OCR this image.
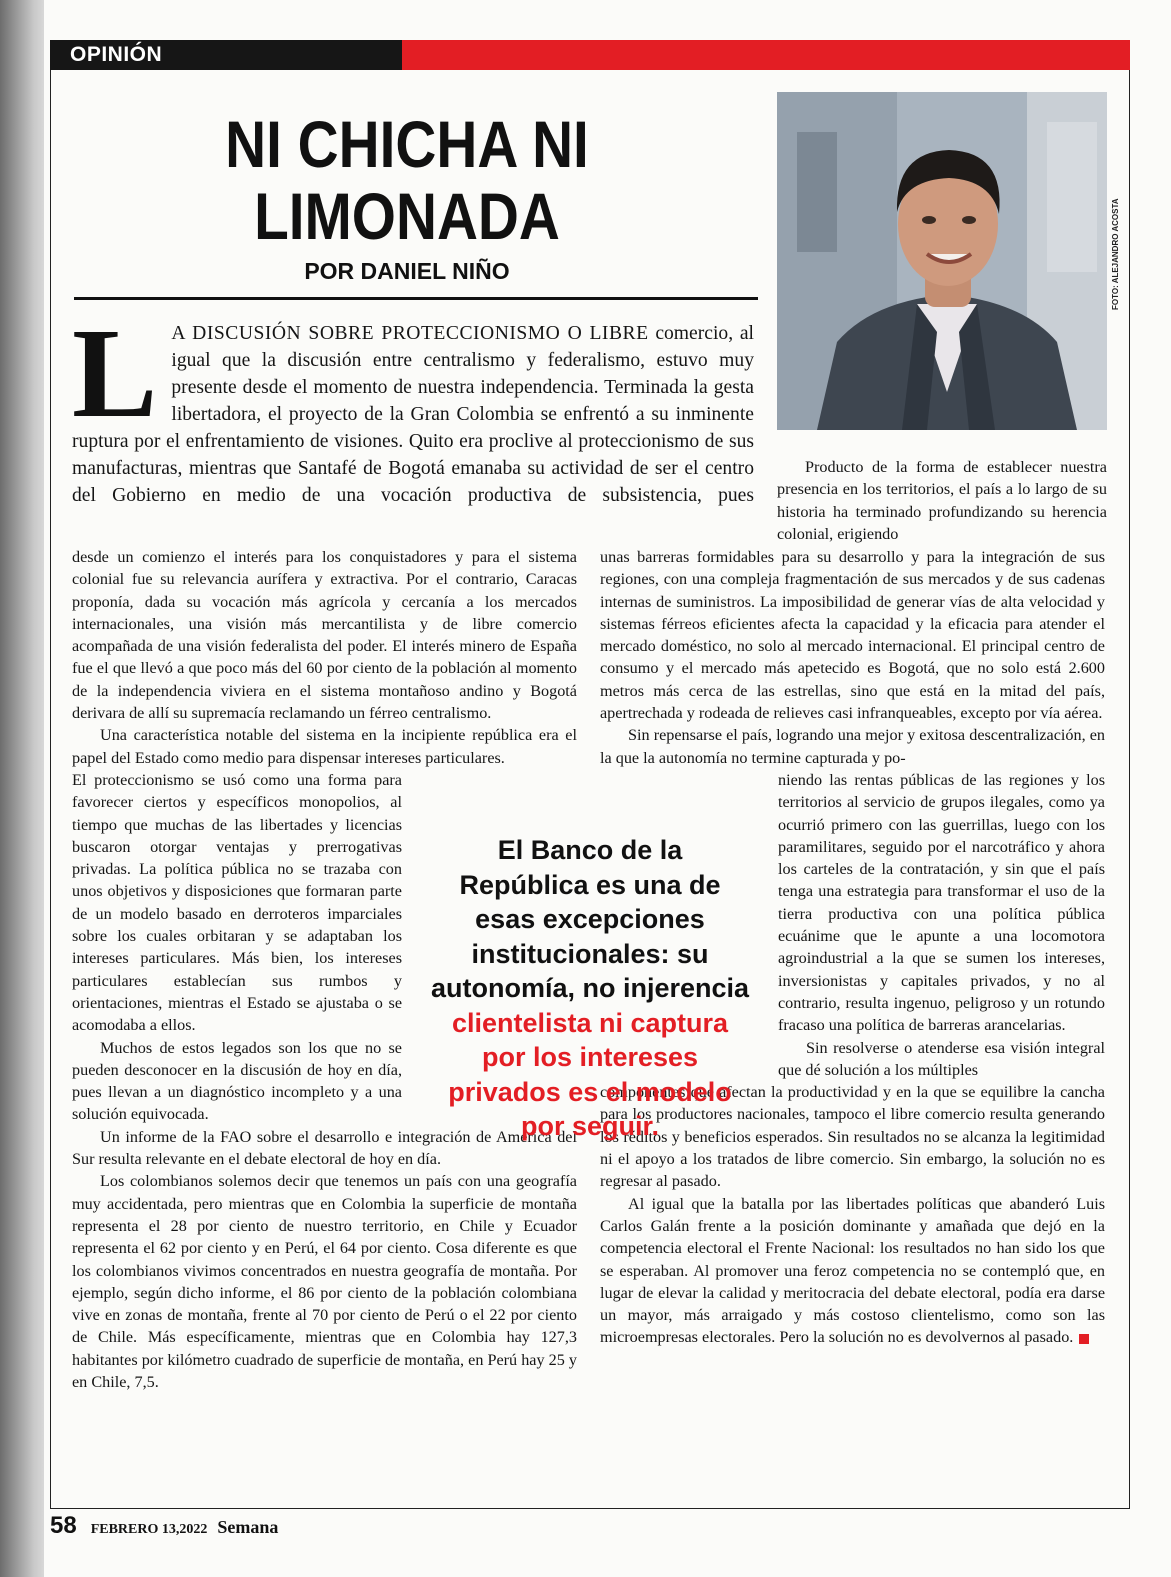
OPINIÓN
NI CHICHA NI
LIMONADA
POR DANIEL NIÑO	FOTO: ALEJANDRO ACOSTA
L A DISCUSIÓN SOBRE PROTECCIONISMO O LIBRE comercio, al igual que la discusión entre centralismo y federalismo, estuvo muy presente desde el momento de nuestra independencia. Terminada la gesta libertadora, el proyecto de la Gran Colombia se enfrentó a su inminente ruptura por el enfrentamiento de visiones. Quito era proclive al proteccionismo de sus manufacturas, mientras que Santafé de Bogotá emanaba su actividad de ser el centro del Gobierno en medio de una vocación productiva de subsistencia, pues

Producto de la forma de establecer nuestra presencia en los territorios, el país a lo largo de su historia ha terminado profundizando su herencia colonial, erigiendo

desde un comienzo el interés para los conquistadores y para el sistema colonial fue su relevancia aurífera y extractiva. Por el contrario, Caracas proponía, dada su vocación más agrícola y cercanía a los mercados internacionales, una visión más mercantilista y de libre comercio acompañada de una visión federalista del poder. El interés minero de España fue el que llevó a que poco más del 60 por ciento de la población al momento de la independencia viviera en el sistema montañoso andino y Bogotá derivara de allí su supremacía reclamando un férreo centralismo.

Una característica notable del sistema en la incipiente república era el papel del Estado como medio para dispensar intereses particulares.

El proteccionismo se usó como una forma para favorecer ciertos y específicos monopolios, al tiempo que muchas de las libertades y licencias buscaron otorgar ventajas y prerrogativas privadas. La política pública no se trazaba con unos objetivos y disposiciones que formaran parte de un modelo basado en derroteros imparciales sobre los cuales orbitaran y se adaptaban los intereses particulares. Más bien, los intereses particulares establecían sus rumbos y orientaciones, mientras el Estado se ajustaba o se acomodaba a ellos.

Muchos de estos legados son los que no se pueden desconocer en la discusión de hoy en día, pues llevan a un diagnóstico incompleto y a una solución equivocada.

Un informe de la FAO sobre el desarrollo e integración de América del Sur resulta relevante en el debate electoral de hoy en día.

Los colombianos solemos decir que tenemos un país con una geografía muy accidentada, pero mientras que en Colombia la superficie de montaña representa el 28 por ciento de nuestro territorio, en Chile y Ecuador representa el 62 por ciento y en Perú, el 64 por ciento. Cosa diferente es que los colombianos vivimos concentrados en nuestra geografía de montaña. Por ejemplo, según dicho informe, el 86 por ciento de la población colombiana vive en zonas de montaña, frente al 70 por ciento de Perú o el 22 por ciento de Chile. Más específicamente, mientras que en Colombia hay 127,3 habitantes por kilómetro cuadrado de superficie de montaña, en Perú hay 25 y en Chile, 7,5.

unas barreras formidables para su desarrollo y para la integración de sus regiones, con una compleja fragmentación de sus mercados y de sus cadenas internas de suministros. La imposibilidad de generar vías de alta velocidad y sistemas férreos eficientes afecta la capacidad y la eficacia para atender el mercado doméstico, no solo al mercado internacional. El principal centro de consumo y el mercado más apetecido es Bogotá, que no solo está 2.600 metros más cerca de las estrellas, sino que está en la mitad del país, apertrechada y rodeada de relieves casi infranqueables, excepto por vía aérea.

Sin repensarse el país, logrando una mejor y exitosa descentralización, en la que la autonomía no termine capturada y po-

niendo las rentas públicas de las regiones y los territorios al servicio de grupos ilegales, como ya ocurrió primero con las guerrillas, luego con los paramilitares, seguido por el narcotráfico y ahora los carteles de la contratación, y sin que el país tenga una estrategia para transformar el uso de la tierra productiva con una política pública ecuánime que le apunte a una locomotora agroindustrial a la que se sumen los intereses, inversionistas y capitales privados, y no al contrario, resulta ingenuo, peligroso y un rotundo fracaso una política de barreras arancelarias.

Sin resolverse o atenderse esa visión integral que dé solución a los múltiples

componentes que afectan la productividad y en la que se equilibre la cancha para los productores nacionales, tampoco el libre comercio resulta generando los réditos y beneficios esperados. Sin resultados no se alcanza la legitimidad ni el apoyo a los tratados de libre comercio. Sin embargo, la solución no es regresar al pasado.

Al igual que la batalla por las libertades políticas que abanderó Luis Carlos Galán frente a la posición dominante y amañada que dejó en la competencia electoral el Frente Nacional: los resultados no han sido los que se esperaban. Al promover una feroz competencia no se contempló que, en lugar de elevar la calidad y meritocracia del debate electoral, podía era darse un mayor, más arraigado y más costoso clientelismo, como son las microempresas electorales. Pero la solución no es devolvernos al pasado.

El Banco de la
República es una de
esas excepciones
institucionales: su
autonomía, no injerencia
clientelista ni captura
por los intereses
privados es el modelo
por seguir.
58 FEBRERO 13,2022 Semana
